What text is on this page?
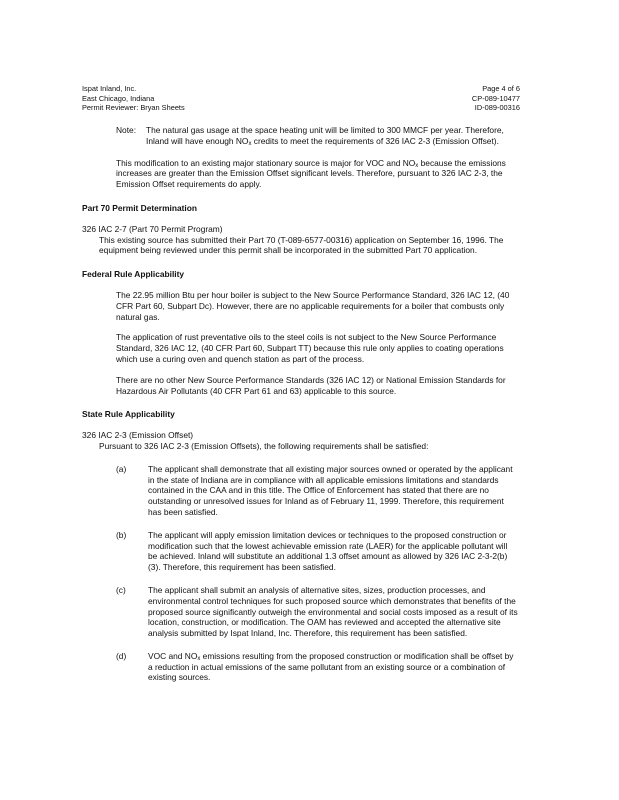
Ispat Inland, Inc.
East Chicago, Indiana
Permit Reviewer: Bryan Sheets
Page 4 of 6
CP-089-10477
ID-089-00316
Note:	The natural gas usage at the space heating unit will be limited to 300 MMCF per year. Therefore, Inland will have enough $NO_x$ credits to meet the requirements of 326 IAC 2-3 (Emission Offset).

This modification to an existing major stationary source is major for VOC and $NO_x$ because the emissions increases are greater than the Emission Offset significant levels. Therefore, pursuant to 326 IAC 2-3, the Emission Offset requirements do apply.

Part 70 Permit Determination

326 IAC 2-7 (Part 70 Permit Program)

This existing source has submitted their Part 70 (T-089-6577-00316) application on September 16, 1996. The equipment being reviewed under this permit shall be incorporated in the submitted Part 70 application.

Federal Rule Applicability

The 22.95 million Btu per hour boiler is subject to the New Source Performance Standard, 326 IAC 12, (40 CFR Part 60, Subpart Dc). However, there are no applicable requirements for a boiler that combusts only natural gas.

The application of rust preventative oils to the steel coils is not subject to the New Source Performance Standard, 326 IAC 12, (40 CFR Part 60, Subpart TT) because this rule only applies to coating operations which use a curing oven and quench station as part of the process.

There are no other New Source Performance Standards (326 IAC 12) or National Emission Standards for Hazardous Air Pollutants (40 CFR Part 61 and 63) applicable to this source.

State Rule Applicability

326 IAC 2-3 (Emission Offset)

Pursuant to 326 IAC 2-3 (Emission Offsets), the following requirements shall be satisfied:

(a)	The applicant shall demonstrate that all existing major sources owned or operated by the applicant in the state of Indiana are in compliance with all applicable emissions limitations and standards contained in the CAA and in this title. The Office of Enforcement has stated that there are no outstanding or unresolved issues for Inland as of February 11, 1999. Therefore, this requirement has been satisfied.

(b)	The applicant will apply emission limitation devices or techniques to the proposed construction or modification such that the lowest achievable emission rate (LAER) for the applicable pollutant will be achieved. Inland will substitute an additional 1.3 offset amount as allowed by 326 IAC 2-3-2(b)(3). Therefore, this requirement has been satisfied.

(c)	The applicant shall submit an analysis of alternative sites, sizes, production processes, and environmental control techniques for such proposed source which demonstrates that benefits of the proposed source significantly outweigh the environmental and social costs imposed as a result of its location, construction, or modification. The OAM has reviewed and accepted the alternative site analysis submitted by Ispat Inland, Inc. Therefore, this requirement has been satisfied.

(d)	VOC and $NO_x$ emissions resulting from the proposed construction or modification shall be offset by a reduction in actual emissions of the same pollutant from an existing source or a combination of existing sources.
